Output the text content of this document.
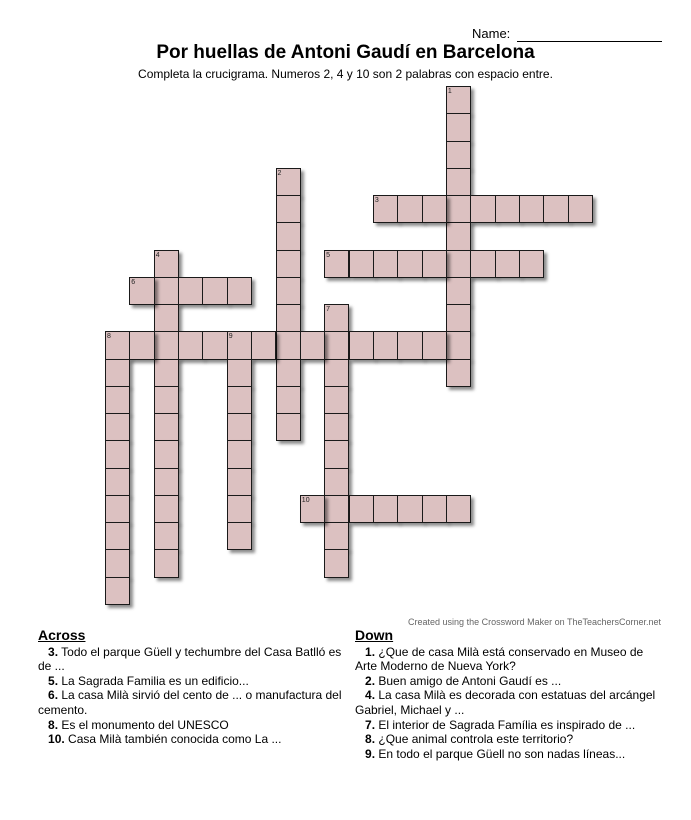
Name:
Por huellas de Antoni Gaudí en Barcelona
Completa la crucigrama. Numeros 2, 4 y 10 son 2 palabras con espacio entre.
1
2
3
4	5
6
7
8	9
10
Created using the Crossword Maker on TheTeachersCorner.net
Across
3. Todo el parque Güell y techumbre del Casa Batlló es de ...
5. La Sagrada Familia es un edificio...
6. La casa Milà sirvió del cento de ... o manufactura del cemento.
8. Es el monumento del UNESCO
10. Casa Milà también conocida como La ...
Down
1. ¿Que de casa Milà está conservado en Museo de Arte Moderno de Nueva York?
2. Buen amigo de Antoni Gaudí es ...
4. La casa Milà es decorada con estatuas del arcángel Gabriel, Michael y ...
7. El interior de Sagrada Família es inspirado de ...
8. ¿Que animal controla este territorio?
9. En todo el parque Güell no son nadas líneas...
